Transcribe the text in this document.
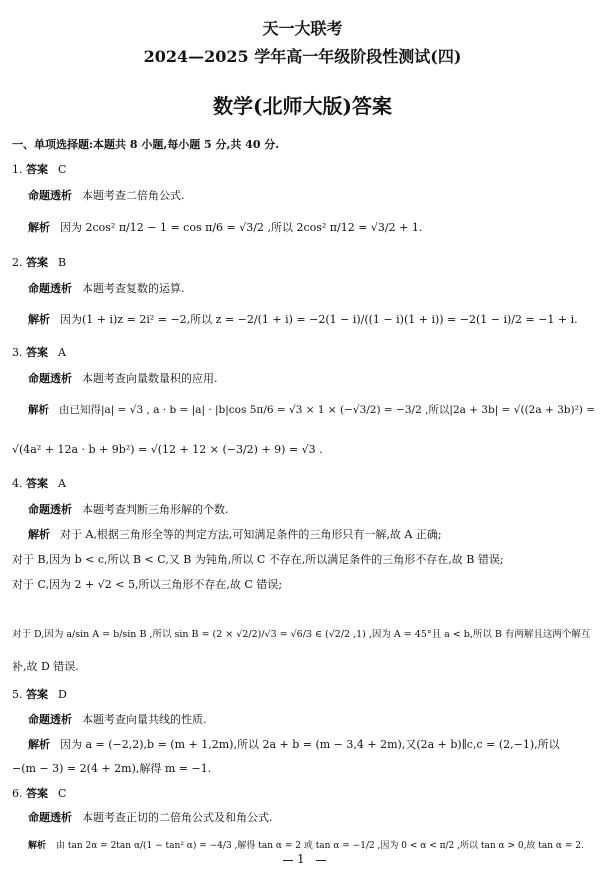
天一大联考
2024—2025 学年高一年级阶段性测试(四)
数学(北师大版)答案
一、单项选择题:本题共 8 小题,每小题 5 分,共 40 分.
1. 答案 C
命题透析 本题考查二倍角公式.
解析 因为 2cos² π/12 − 1 = cos π/6 = √3/2 ,所以 2cos² π/12 = √3/2 + 1.
2. 答案 B
命题透析 本题考查复数的运算.
解析 因为(1 + i)z = 2i² = −2,所以 z = −2/(1 + i) = −2(1 − i)/((1 − i)(1 + i)) = −2(1 − i)/2 = −1 + i.
3. 答案 A
命题透析 本题考查向量数量积的应用.
解析 由已知得|a| = √3 , a · b = |a| · |b|cos 5π/6 = √3 × 1 × (−√3/2) = −3/2 ,所以|2a + 3b| = √((2a + 3b)²) =
√(4a² + 12a · b + 9b²) = √(12 + 12 × (−3/2) + 9) = √3 .
4. 答案 A
命题透析 本题考查判断三角形解的个数.
解析 对于 A,根据三角形全等的判定方法,可知满足条件的三角形只有一解,故 A 正确;
对于 B,因为 b < c,所以 B < C,又 B 为钝角,所以 C 不存在,所以满足条件的三角形不存在,故 B 错误;
对于 C,因为 2 + √2 < 5,所以三角形不存在,故 C 错误;
对于 D,因为 a/sin A = b/sin B ,所以 sin B = (2 × √2/2)/√3 = √6/3 ∈ (√2/2 ,1) ,因为 A = 45°且 a < b,所以 B 有两解且这两个解互
补,故 D 错误.
5. 答案 D
命题透析 本题考查向量共线的性质.
解析 因为 a = (−2,2),b = (m + 1,2m),所以 2a + b = (m − 3,4 + 2m),又(2a + b)∥c,c = (2,−1),所以
−(m − 3) = 2(4 + 2m),解得 m = −1.
6. 答案 C
命题透析 本题考查正切的二倍角公式及和角公式.
解析 由 tan 2α = 2tan α/(1 − tan² α) = −4/3 ,解得 tan α = 2 或 tan α = −1/2 ,因为 0 < α < π/2 ,所以 tan α > 0,故 tan α = 2.
1
